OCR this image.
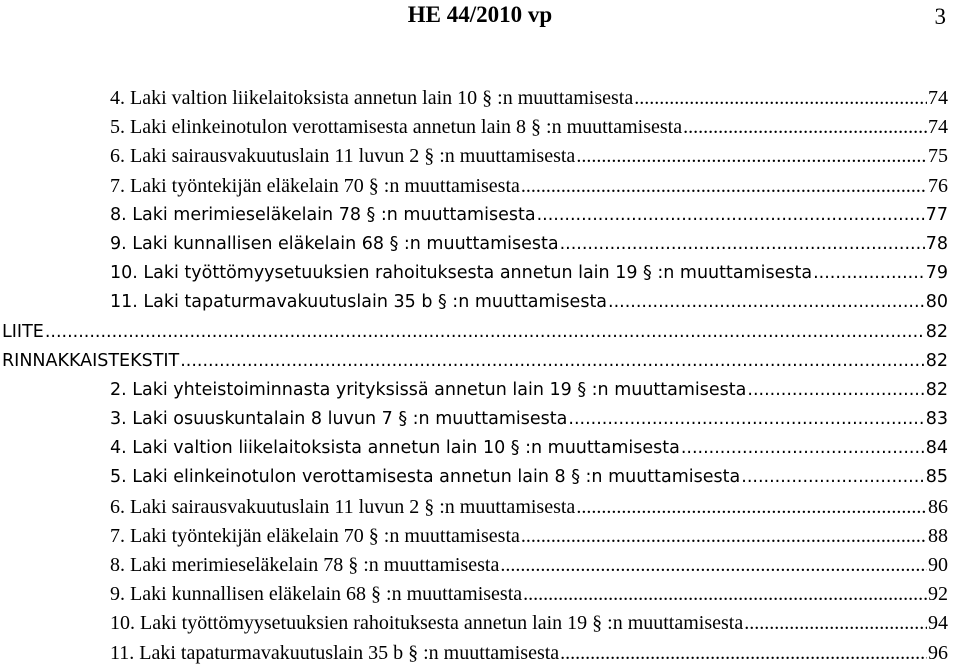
HE 44/2010 vp	3
4. Laki valtion liikelaitoksista annetun lain 10 § :n muuttamisesta .....	74
5. Laki elinkeinotulon verottamisesta annetun lain 8 § :n muuttamisesta .....	74
6. Laki sairausvakuutuslain 11 luvun 2 § :n muuttamisesta .....	75
7. Laki työntekijän eläkelain 70 § :n muuttamisesta .....	76
8. Laki merimieseläkelain 78 § :n muuttamisesta .....	77
9. Laki kunnallisen eläkelain 68 § :n muuttamisesta .....	78
10. Laki työttömyysetuuksien rahoituksesta annetun lain 19 § :n muuttamisesta .....	79
11. Laki tapaturmavakuutuslain 35 b § :n muuttamisesta .....	80
LIITE .....	82
RINNAKKAISTEKSTIT .....	82
2. Laki yhteistoiminnasta yrityksissä annetun lain 19 § :n muuttamisesta .....	82
3. Laki osuuskuntalain 8 luvun 7 § :n muuttamisesta .....	83
4. Laki valtion liikelaitoksista annetun lain 10 § :n muuttamisesta .....	84
5. Laki elinkeinotulon verottamisesta annetun lain 8 § :n muuttamisesta .....	85
6. Laki sairausvakuutuslain 11 luvun 2 § :n muuttamisesta .....	86
7. Laki työntekijän eläkelain 70 § :n muuttamisesta .....	88
8. Laki merimieseläkelain 78 § :n muuttamisesta .....	90
9. Laki kunnallisen eläkelain 68 § :n muuttamisesta .....	92
10. Laki työttömyysetuuksien rahoituksesta annetun lain 19 § :n muuttamisesta .....	94
11. Laki tapaturmavakuutuslain 35 b § :n muuttamisesta .....	96
